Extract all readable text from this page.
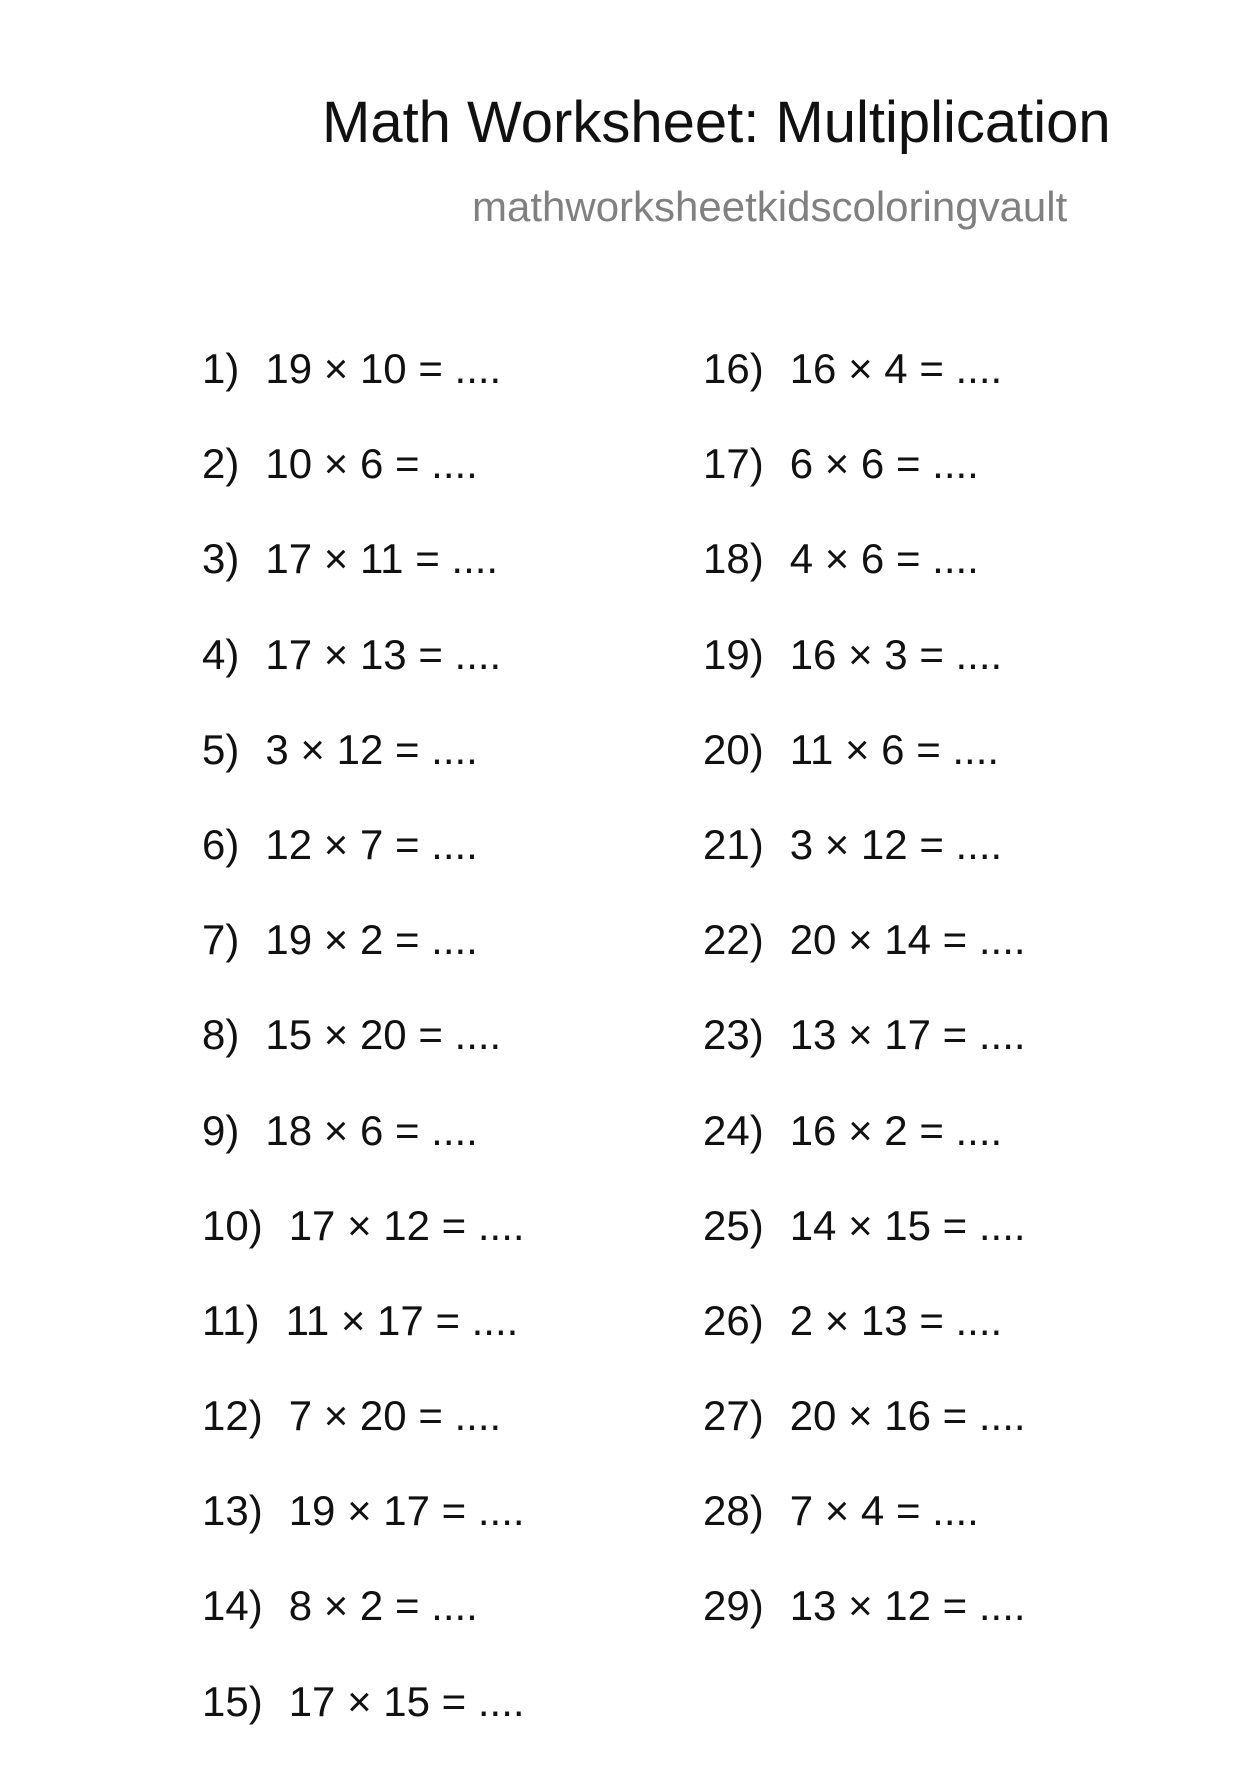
Math Worksheet: Multiplication
mathworksheetkidscoloringvault
1) 19 × 10 = ....
2) 10 × 6 = ....
3) 17 × 11 = ....
4) 17 × 13 = ....
5) 3 × 12 = ....
6) 12 × 7 = ....
7) 19 × 2 = ....
8) 15 × 20 = ....
9) 18 × 6 = ....
10) 17 × 12 = ....
11) 11 × 17 = ....
12) 7 × 20 = ....
13) 19 × 17 = ....
14) 8 × 2 = ....
15) 17 × 15 = ....
16) 16 × 4 = ....
17) 6 × 6 = ....
18) 4 × 6 = ....
19) 16 × 3 = ....
20) 11 × 6 = ....
21) 3 × 12 = ....
22) 20 × 14 = ....
23) 13 × 17 = ....
24) 16 × 2 = ....
25) 14 × 15 = ....
26) 2 × 13 = ....
27) 20 × 16 = ....
28) 7 × 4 = ....
29) 13 × 12 = ....
